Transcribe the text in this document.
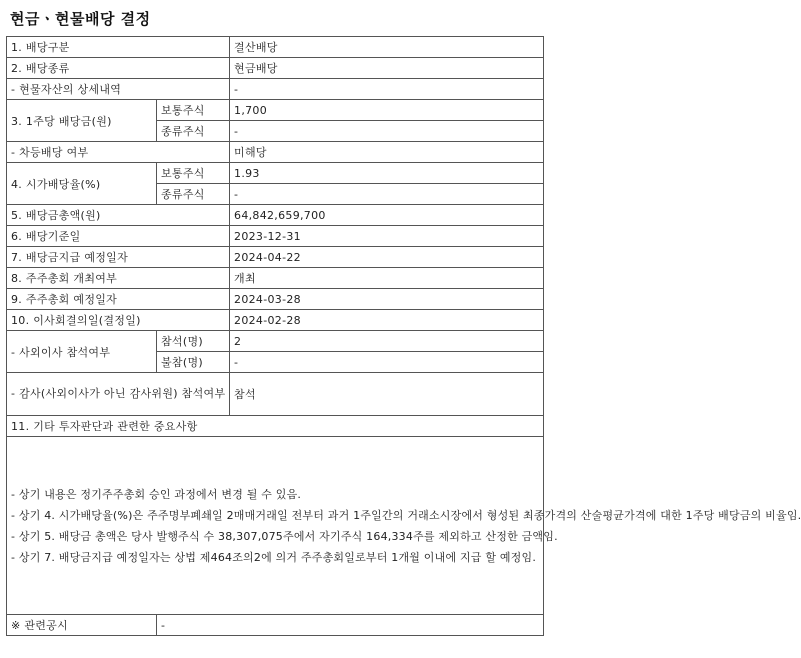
현금ㆍ현물배당 결정
1. 배당구분		결산배당
2. 배당종류		현금배당
- 현물자산의 상세내역		-
3. 1주당 배당금(원)	보통주식	1,700
	종류주식	-
- 차등배당 여부		미해당
4. 시가배당율(%)	보통주식	1.93
	종류주식	-
5. 배당금총액(원)		64,842,659,700
6. 배당기준일		2023-12-31
7. 배당금지급 예정일자		2024-04-22
8. 주주총회 개최여부		개최
9. 주주총회 예정일자		2024-03-28
10. 이사회결의일(결정일)		2024-02-28
- 사외이사 참석여부	참석(명)	2
	불참(명)	-
- 감사(사외이사가 아닌 감사위원) 참석여부		참석
11. 기타 투자판단과 관련한 중요사항		

- 상기 내용은 정기주주총회 승인 과정에서 변경 될 수 있음.
- 상기 4. 시가배당율(%)은 주주명부폐쇄일 2매매거래일 전부터 과거 1주일간의 거래소시장에서 형성된 최종가격의 산술평균가격에 대한 1주당 배당금의 비율임.
- 상기 5. 배당금 총액은 당사 발행주식 수 38,307,075주에서 자기주식 164,334주를 제외하고 산정한 금액임.
- 상기 7. 배당금지급 예정일자는 상법 제464조의2에 의거 주주총회일로부터 1개월 이내에 지급 할 예정임.		

※ 관련공시	-	
